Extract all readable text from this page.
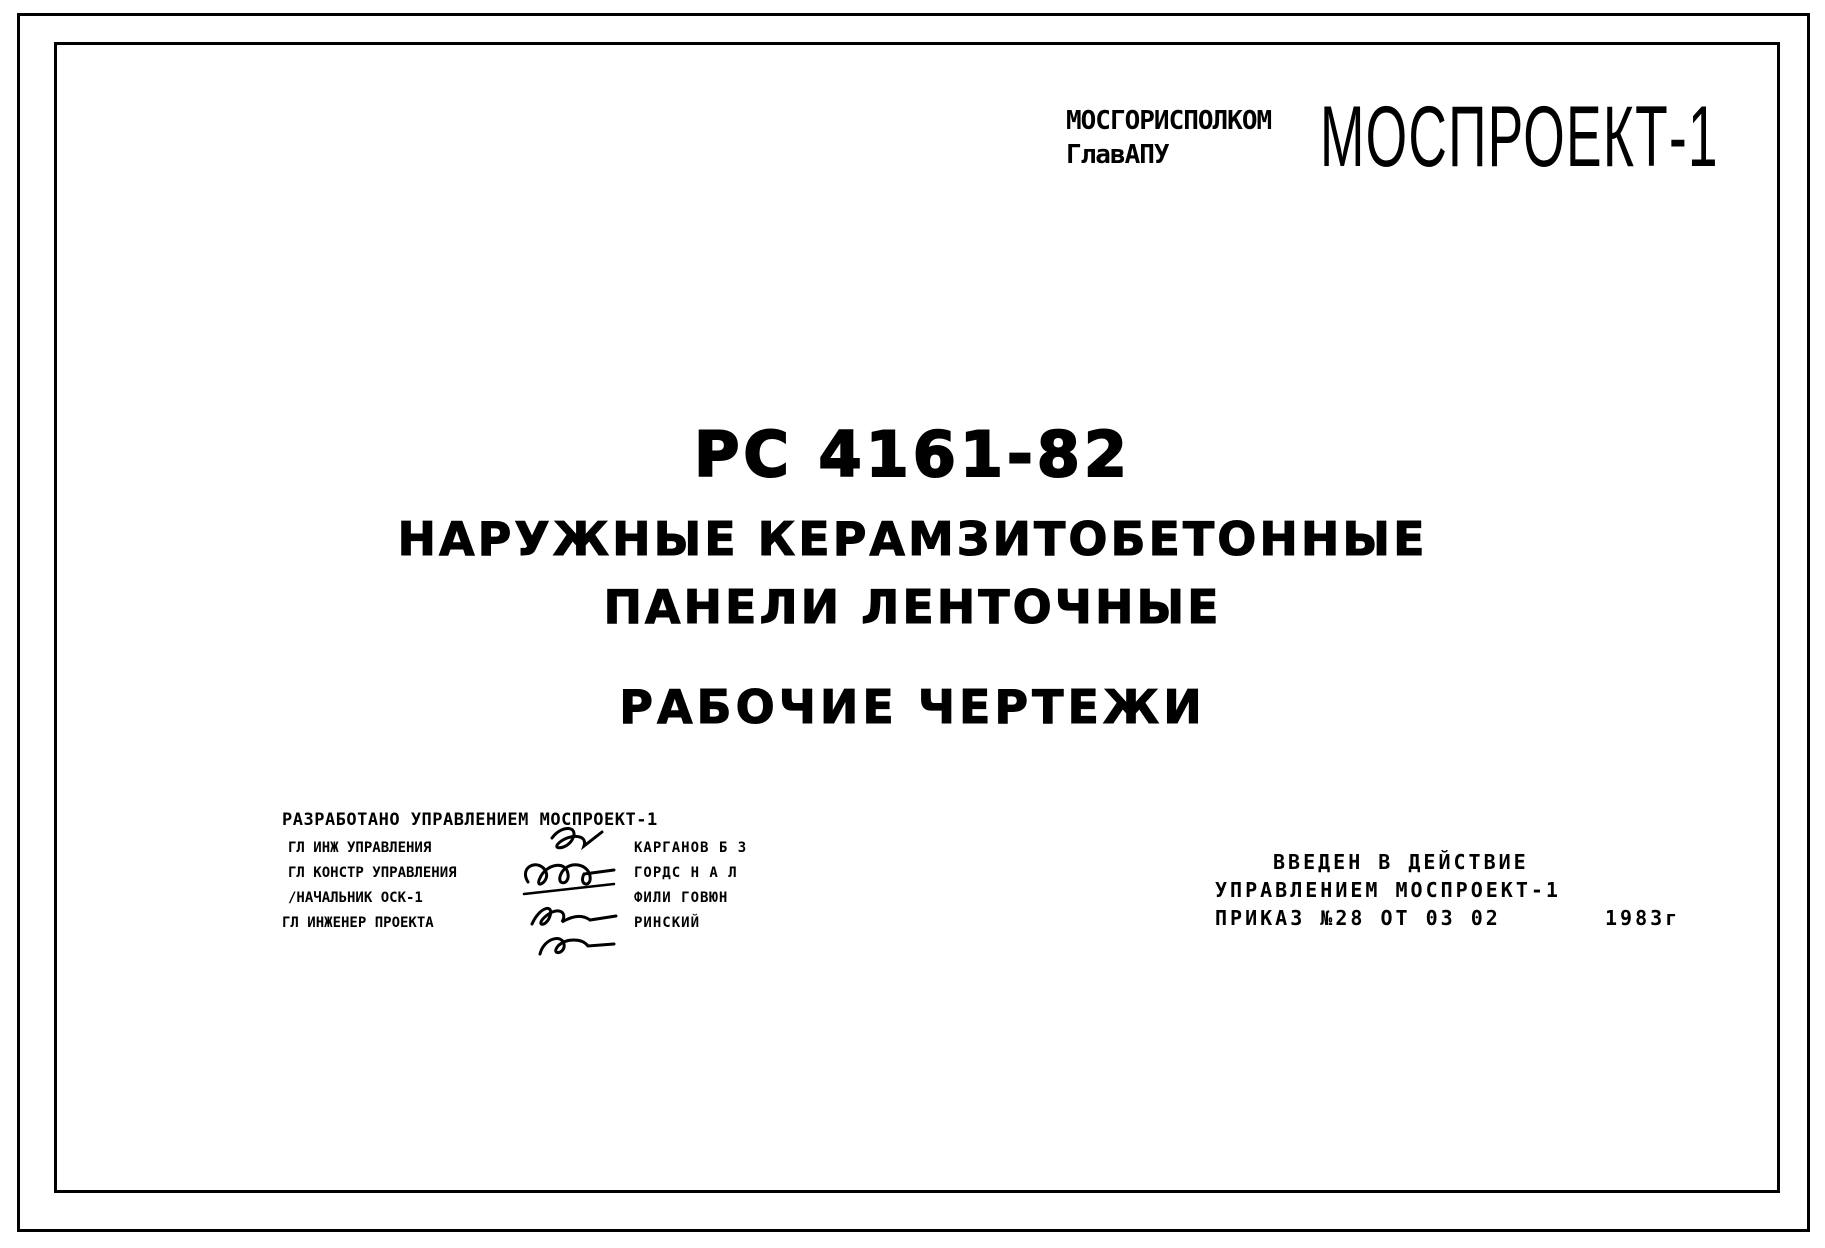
МОСГОРИСПОЛКОМ
ГлавАПУ	МОСПРОЕКТ-1
РС 4161-82
НАРУЖНЫЕ КЕРАМЗИТОБЕТОННЫЕ
ПАНЕЛИ ЛЕНТОЧНЫЕ
РАБОЧИЕ ЧЕРТЕЖИ
РАЗРАБОТАНО УПРАВЛЕНИЕМ МОСПРОЕКТ-1
ГЛ ИНЖ УПРАВЛЕНИЯ	КАРГАНОВ Б З
ГЛ КОНСТР УПРАВЛЕНИЯ	ГОРДС Н А Л
/НАЧАЛЬНИК ОСК-1	ФИЛИ ГОВЮН
ГЛ ИНЖЕНЕР ПРОЕКТА	РИНСКИЙ
ВВЕДЕН В ДЕЙСТВИЕ
УПРАВЛЕНИЕМ МОСПРОЕКТ-1
ПРИКАЗ №28 ОТ 03 02	1983г
